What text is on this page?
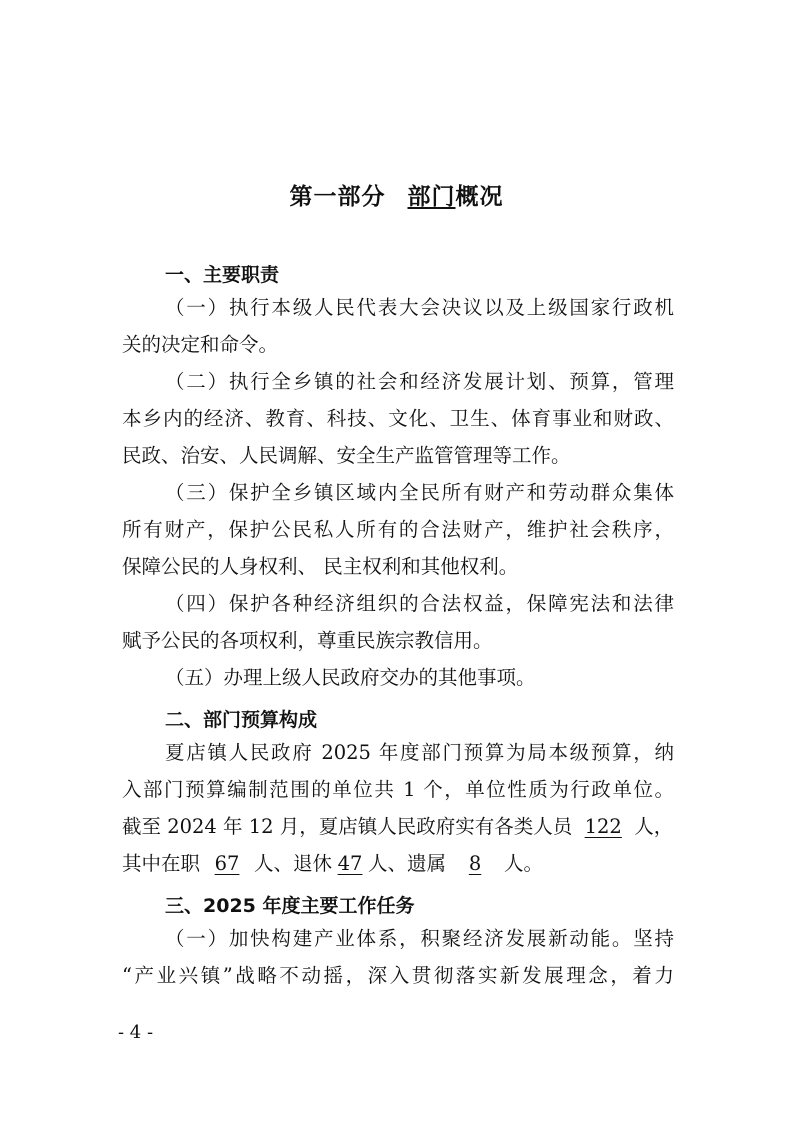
第一部分 部门概况
一、主要职责
（一）执行本级人民代表大会决议以及上级国家行政机
关的决定和命令。
（二）执行全乡镇的社会和经济发展计划、预算，管理
本乡内的经济、教育、科技、文化、卫生、体育事业和财政、
民政、治安、人民调解、安全生产监管管理等工作。
（三）保护全乡镇区域内全民所有财产和劳动群众集体
所有财产，保护公民私人所有的合法财产，维护社会秩序，
保障公民的人身权利、 民主权利和其他权利。
（四）保护各种经济组织的合法权益，保障宪法和法律
赋予公民的各项权利，尊重民族宗教信用。
（五）办理上级人民政府交办的其他事项。
二、部门预算构成
夏店镇人民政府 2025 年度部门预算为局本级预算，纳
入部门预算编制范围的单位共 1 个，单位性质为行政单位。
截至 2024 年 12 月，夏店镇人民政府实有各类人员 122 人，
其中在职 67 人、退休 47 人、遗属 8 人。
三、2025 年度主要工作任务
（一）加快构建产业体系，积聚经济发展新动能。坚持
“产业兴镇”战略不动摇，深入贯彻落实新发展理念，着力
- 4 -
